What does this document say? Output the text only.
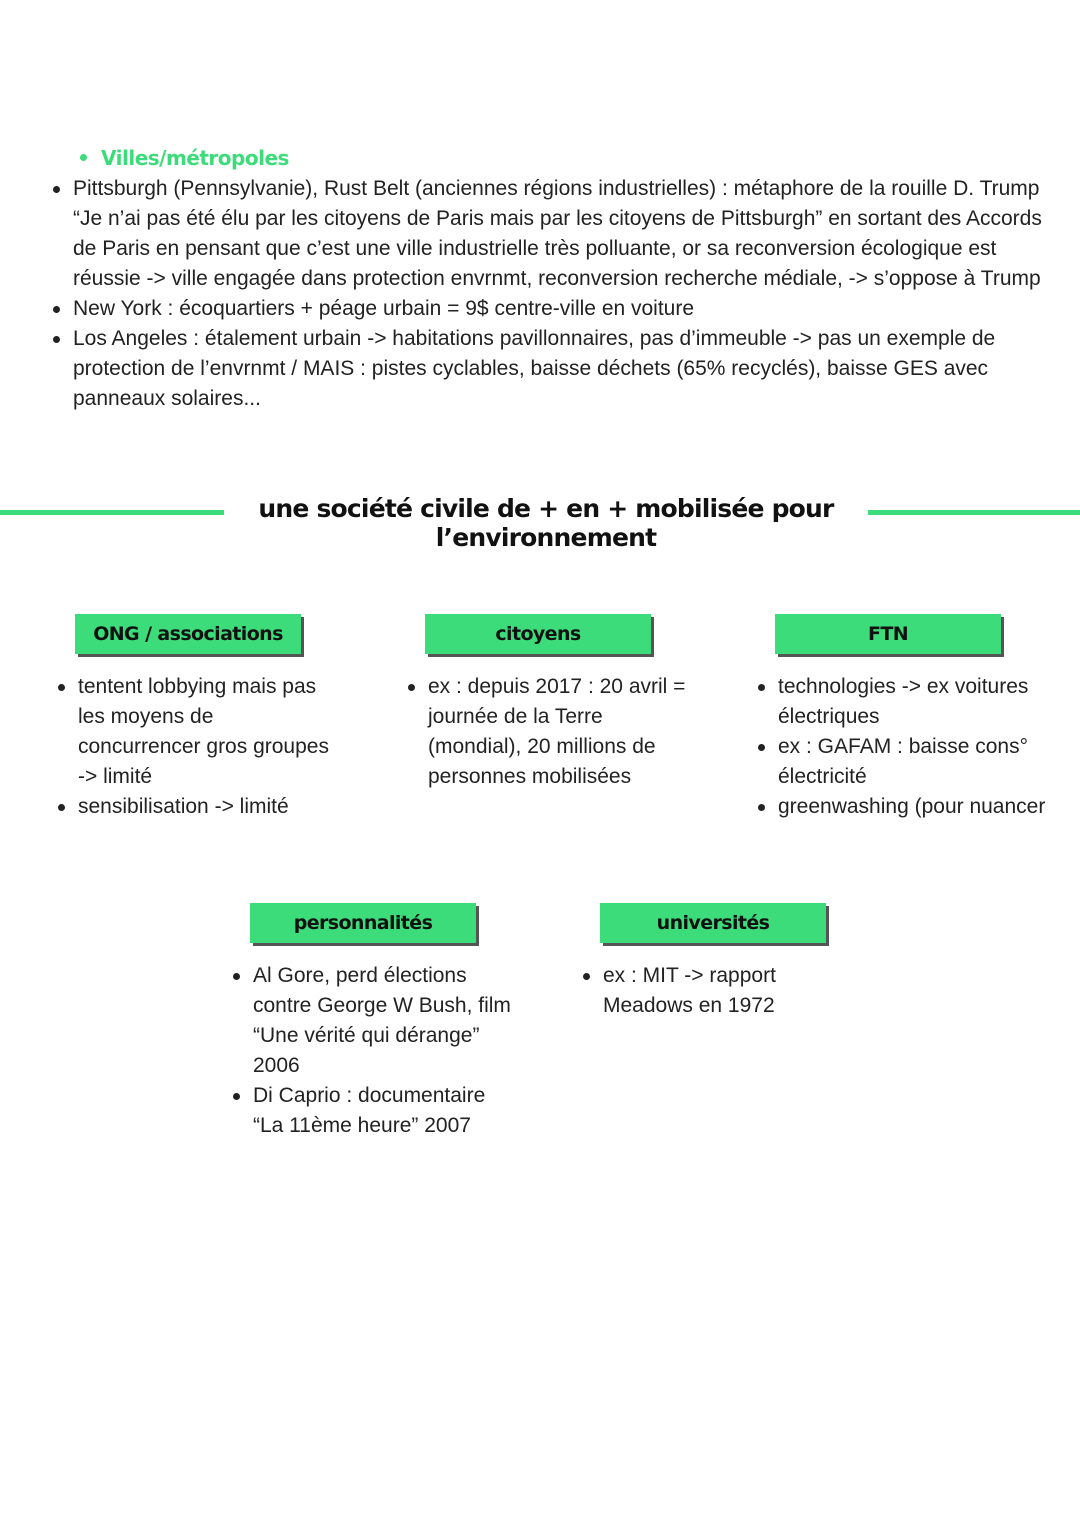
Villes/métropoles
Pittsburgh (Pennsylvanie), Rust Belt (anciennes régions industrielles) : métaphore de la rouille D. Trump “Je n’ai pas été élu par les citoyens de Paris mais par les citoyens de Pittsburgh” en sortant des Accords de Paris en pensant que c’est une ville industrielle très polluante, or sa reconversion écologique est réussie -> ville engagée dans protection envrnmt, reconversion recherche médiale, -> s’oppose à Trump
New York : écoquartiers + péage urbain = 9$ centre-ville en voiture
Los Angeles : étalement urbain -> habitations pavillonnaires, pas d’immeuble -> pas un exemple de protection de l’envrnmt / MAIS : pistes cyclables, baisse déchets (65% recyclés), baisse GES avec panneaux solaires...
une société civile de + en + mobilisée pour l’environnement
ONG / associations
tentent lobbying mais pas les moyens de concurrencer gros groupes -> limité
sensibilisation -> limité
citoyens
ex : depuis 2017 : 20 avril = journée de la Terre (mondial), 20 millions de personnes mobilisées
FTN
technologies -> ex voitures électriques
ex : GAFAM : baisse cons° électricité
greenwashing (pour nuancer
personnalités
Al Gore, perd élections contre George W Bush, film “Une vérité qui dérange” 2006
Di Caprio : documentaire “La 11ème heure” 2007
universités
ex : MIT -> rapport Meadows en 1972
